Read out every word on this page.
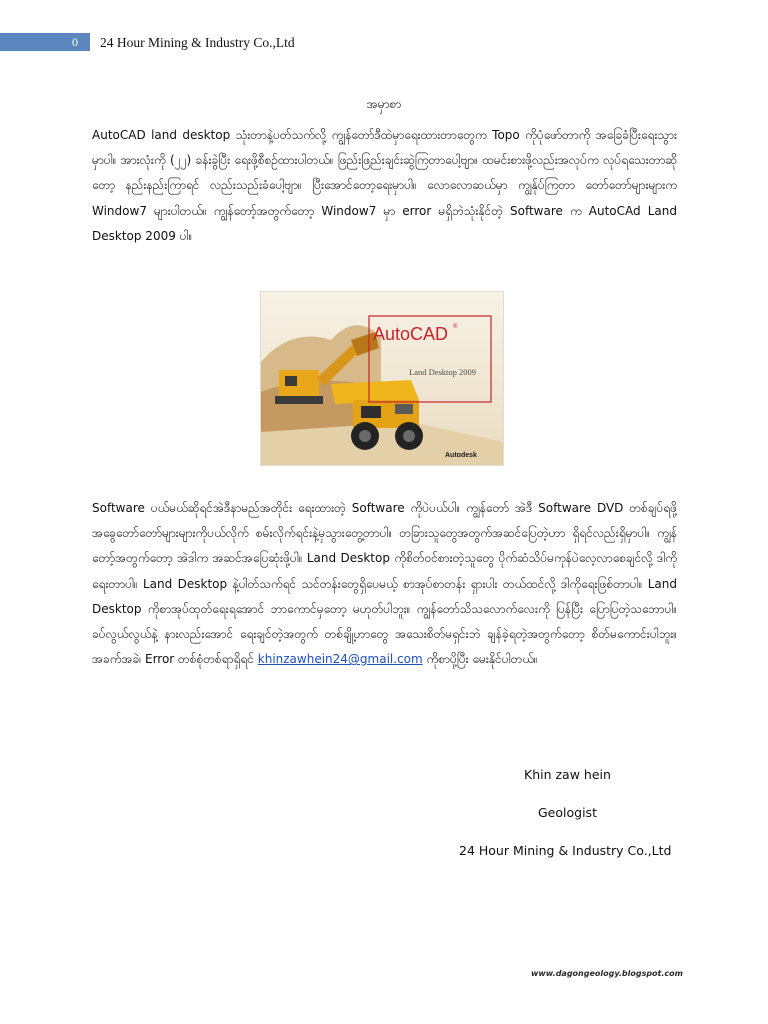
0 24 Hour Mining & Industry Co.,Ltd
အမှာစာ

AutoCAD land desktop သုံးတာနဲ့ပတ်သက်လို့ ကျွန်တော်ဒီထဲမှာရေးထားတာတွေက Topo ကိုပုံဖော်တာကို အခြေခံပြီးရေးသွားမှာပါ။ အားလုံးကို (၂၂) ခန်းခွဲပြီး ရေးဖို့စီစဉ်ထားပါတယ်။ ဖြည်းဖြည်းချင်းဆွဲကြတာပေါ့ဗျာ။ ထမင်းစားဖို့လည်းအလုပ်က လုပ်ရသေးတာဆိုတော့ နည်းနည်းကြာရင် လည်းသည်းခံပေါ့ဗျာ။ ပြီးအောင်တော့ရေးမှာပါ။ လောလောဆယ်မှာ ကျွန်ုပ်ကြတာ တော်တော်များများက Window7 များပါတယ်။ ကျွန်တော့်အတွက်တော့ Window7 မှာ error မရှိဘဲသုံးနိုင်တဲ့ Software က AutoCAd Land Desktop 2009 ပါ။

AutoCAD ®
Land Desktop 2009
Autodesk

Software ပယ်မယ်ဆိုရင်အဲဒီနာမည်အတိုင်း ရေးထားတဲ့ Software ကိုပဲပယ်ပါ။ ကျွန်တော် အဲဒီ Software DVD တစ်ချပ်ရဖို့ အခွေတော်တော်များများကိုပယ်လိုက် စမ်းလိုက်ရင်းနဲ့မှသွားတွေ့တာပါ။ တခြားသူတွေအတွက်အဆင်ပြေတဲ့ဟာ ရှိရင်လည်းရှိမှာပါ။ ကျွန်တော့်အတွက်တော့ အဲဒါက အဆင်အပြေဆုံးဖို့ပါ။ Land Desktop ကိုစိတ်ဝင်စားတဲ့သူတွေ ပိုက်ဆံသိပ်မကုန်ပဲလေ့လာစေချင်လို့ ဒါကိုရေးတာပါ။ Land Desktop နဲ့ပါတ်သက်ရင် သင်တန်းတွေရှိပေမယ့် စာအုပ်စာတန်း ရှားပါး တယ်ထင်လို့ ဒါကိုရေးဖြစ်တာပါ။ Land Desktop ကိုစာအုပ်ထုတ်ရေးရအောင် ဘာကောင်မှတော့ မဟုတ်ပါဘူး။ ကျွန်တော်သိသလောက်လေးကို ပြန်ပြီး ပြောပြတဲ့သဘောပါ။ ခပ်လွယ်လွယ်နဲ့ နားလည်းအောင် ရေးချင်တဲ့အတွက် တစ်ချို့ဟာတွေ အသေးစိတ်မရှင်းဘဲ ချန်ခဲ့ရတဲ့အတွက်တော့ စိတ်မကောင်းပါဘူး။ အခက်အခဲ၊ Error တစ်စုံတစ်ရာရှိရင် khinzawhein24@gmail.com ကိုစာပို့ပြီး မေးနိုင်ပါတယ်။

Khin zaw hein
Geologist
24 Hour Mining & Industry Co.,Ltd
www.dagongeology.blogspot.com
